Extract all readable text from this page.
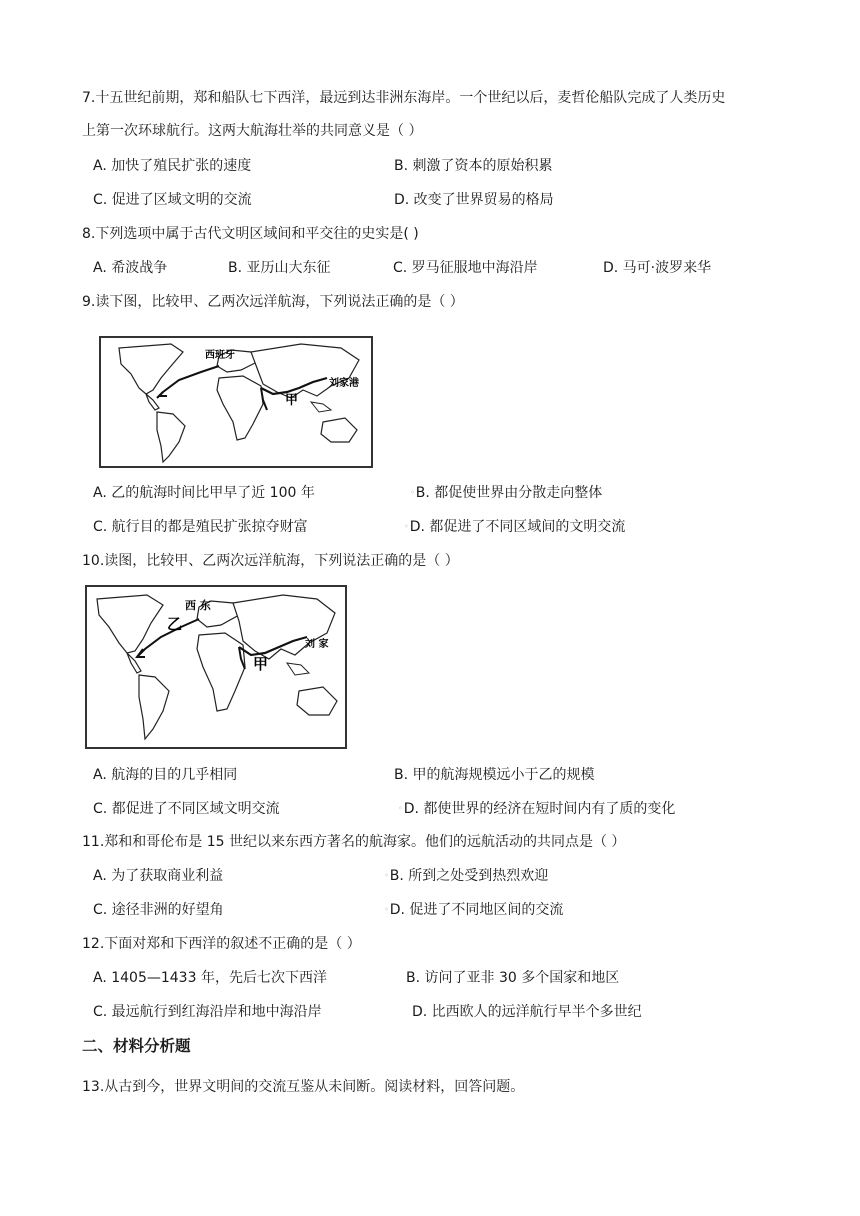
7.十五世纪前期，郑和船队七下西洋，最远到达非洲东海岸。一个世纪以后，麦哲伦船队完成了人类历史
上第一次环球航行。这两大航海壮举的共同意义是（ ）
A. 加快了殖民扩张的速度	B. 刺激了资本的原始积累
C. 促进了区域文明的交流	D. 改变了世界贸易的格局
8.下列选项中属于古代文明区域间和平交往的史实是( )
A. 希波战争	B. 亚历山大东征	C. 罗马征服地中海沿岸	D. 马可·波罗来华
9.读下图，比较甲、乙两次远洋航海，下列说法正确的是（ ）
西班牙
刘家港
甲
A. 乙的航海时间比甲早了近 100 年	◦B. 都促使世界由分散走向整体
C. 航行目的都是殖民扩张掠夺财富	◦D. 都促进了不同区域间的文明交流
10.读图，比较甲、乙两次远洋航海，下列说法正确的是（ ）
西 东
乙
甲
刘 家
A. 航海的目的几乎相同	B. 甲的航海规模远小于乙的规模
C. 都促进了不同区域文明交流	◦D. 都使世界的经济在短时间内有了质的变化
11.郑和和哥伦布是 15 世纪以来东西方著名的航海家。他们的远航活动的共同点是（ ）
A. 为了获取商业利益	◦B. 所到之处受到热烈欢迎
C. 途径非洲的好望角	◦D. 促进了不同地区间的交流
12.下面对郑和下西洋的叙述不正确的是（ ）
A. 1405—1433 年，先后七次下西洋	B. 访问了亚非 30 多个国家和地区
C. 最远航行到红海沿岸和地中海沿岸	D. 比西欧人的远洋航行早半个多世纪
二、材料分析题
13.从古到今，世界文明间的交流互鉴从未间断。阅读材料，回答问题。
